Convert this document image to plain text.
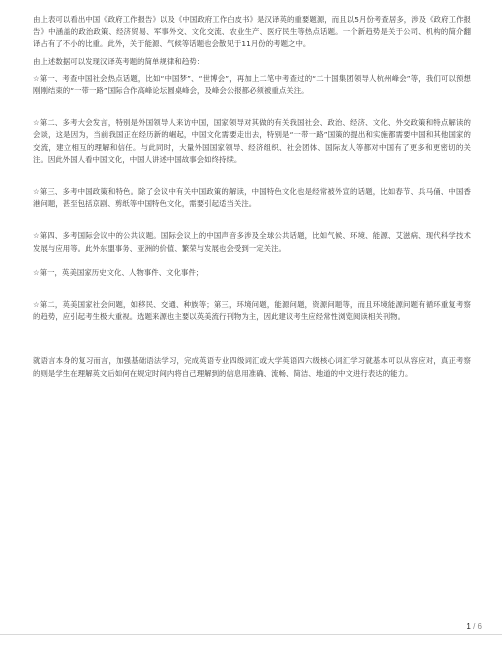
由上表可以看出中国《政府工作报告》以及《中国政府工作白皮书》是汉译英的重要题源，而且以5月份考查居多，涉及《政府工作报告》中涵盖的政治政策、经济贸易、军事外交、文化交流、农业生产、医疗民生等热点话题。一个新趋势是关于公司、机构的简介翻译占有了不小的比重。此外，关于能源、气候等话题也会散见于11月份的考题之中。

由上述数据可以发现汉译英考题的简单规律和趋势：

☆第一、考查中国社会热点话题，比如“中国梦”、“世博会”，再加上二笔中考查过的“二十国集团领导人杭州峰会”等，我们可以预想刚刚结束的“一带一路”国际合作高峰论坛圆桌峰会，及峰会公报都必须被重点关注。

☆第二、多考大会发言，特别是外国领导人来访中国，国家领导对其做的有关我国社会、政治、经济、文化、外交政策和特点解读的会谈，这是因为，当前我国正在经历新的崛起，中国文化需要走出去，特别是“一带一路”国策的提出和实施都需要中国和其他国家的交流，建立相互的理解和信任。与此同时，大量外国国家领导、经济组织、社会团体、国际友人等都对中国有了更多和更密切的关注。因此外国人看中国文化，中国人讲述中国故事会如终持续。

☆第三、多考中国政策和特色。除了会议中有关中国政策的解读，中国特色文化也是经常被外宣的话题，比如春节、兵马俑、中国香港问题，甚至包括京剧、剪纸等中国特色文化，需要引起适当关注。

☆第四、多考国际会议中的公共议题。国际会议上的中国声音多涉及全球公共话题，比如气候、环境、能源、艾滋病、现代科学技术发展与应用等。此外东盟事务、亚洲的价值、繁荣与发展也会受到一定关注。

☆第一，英美国家历史文化、人物事件、文化事件；

☆第二，英美国家社会问题，如移民、交通、种族等；第三，环境问题，能源问题，资源问题等，而且环境能源问题有循环重复考察的趋势，应引起考生极大重视。选题来源也主要以英美流行刊物为主，因此建议考生应经常性浏览阅读相关刊物。

就语言本身的复习而言，加强基础语法学习，完成英语专业四级词汇或大学英语四六级核心词汇学习就基本可以从容应对，真正考察的则是学生在理解英文后如何在规定时间内将自己理解到的信息用准确、流畅、简洁、地道的中文进行表达的能力。

1 / 6
